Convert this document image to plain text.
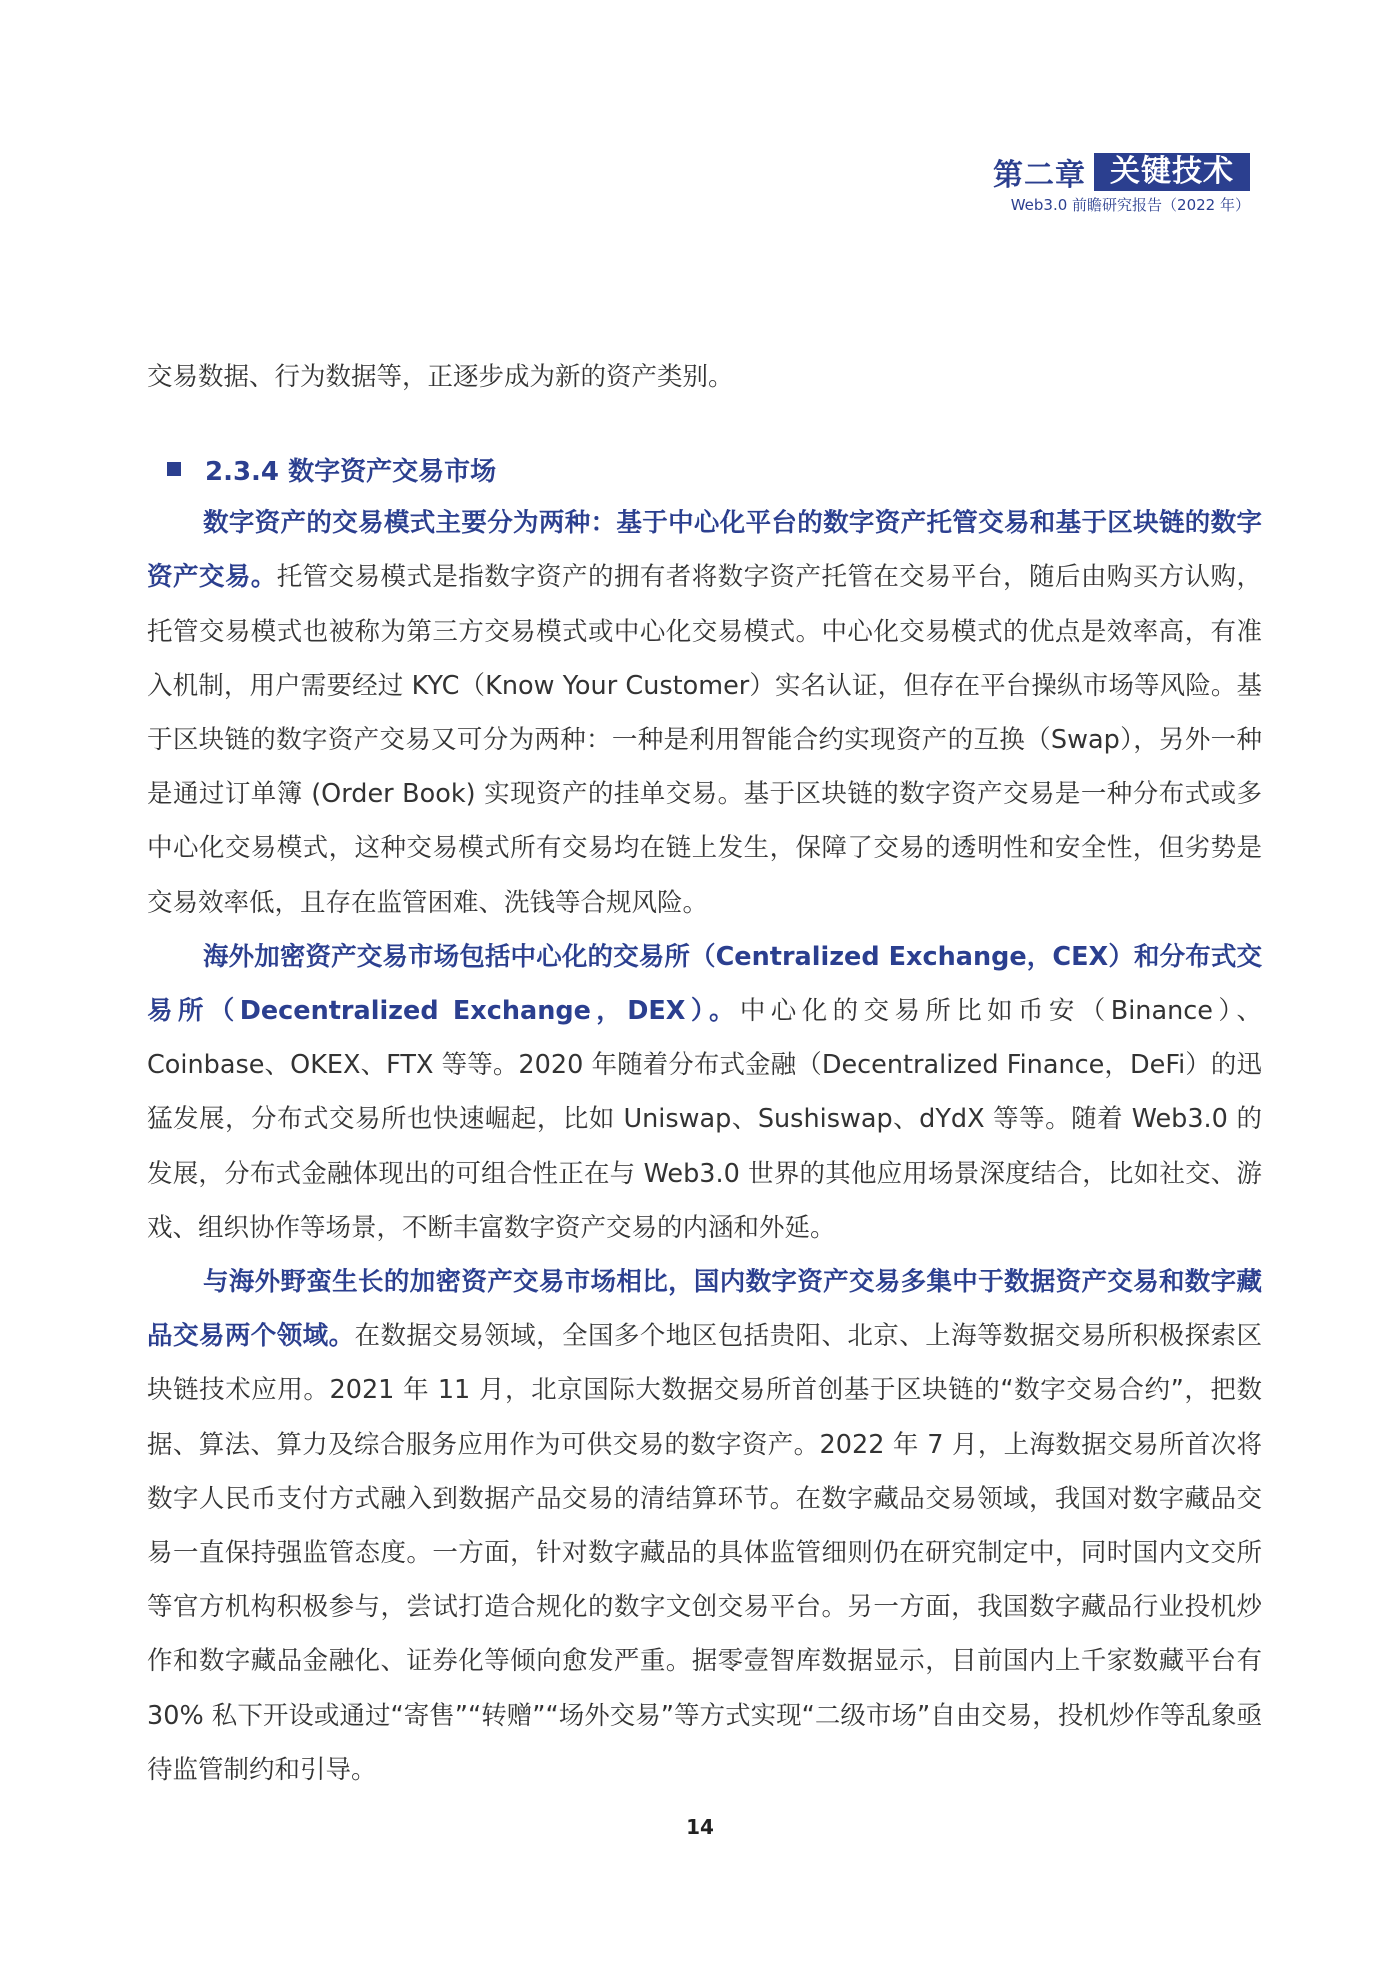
第二章 关键技术
Web3.0 前瞻研究报告（2022 年）

交易数据、行为数据等，正逐步成为新的资产类别。

2.3.4 数字资产交易市场

数字资产的交易模式主要分为两种：基于中心化平台的数字资产托管交易和基于区块链的数字资产交易。托管交易模式是指数字资产的拥有者将数字资产托管在交易平台，随后由购买方认购，托管交易模式也被称为第三方交易模式或中心化交易模式。中心化交易模式的优点是效率高，有准入机制，用户需要经过 KYC（Know Your Customer）实名认证，但存在平台操纵市场等风险。基于区块链的数字资产交易又可分为两种：一种是利用智能合约实现资产的互换（Swap），另外一种是通过订单簿 (Order Book) 实现资产的挂单交易。基于区块链的数字资产交易是一种分布式或多中心化交易模式，这种交易模式所有交易均在链上发生，保障了交易的透明性和安全性，但劣势是交易效率低，且存在监管困难、洗钱等合规风险。

海外加密资产交易市场包括中心化的交易所（Centralized Exchange，CEX）和分布式交易所（Decentralized Exchange，DEX）。中心化的交易所比如币安（Binance）、Coinbase、OKEX、FTX 等等。2020 年随着分布式金融（Decentralized Finance，DeFi）的迅猛发展，分布式交易所也快速崛起，比如 Uniswap、Sushiswap、dYdX 等等。随着 Web3.0 的发展，分布式金融体现出的可组合性正在与 Web3.0 世界的其他应用场景深度结合，比如社交、游戏、组织协作等场景，不断丰富数字资产交易的内涵和外延。

与海外野蛮生长的加密资产交易市场相比，国内数字资产交易多集中于数据资产交易和数字藏品交易两个领域。在数据交易领域，全国多个地区包括贵阳、北京、上海等数据交易所积极探索区块链技术应用。2021 年 11 月，北京国际大数据交易所首创基于区块链的“数字交易合约”，把数据、算法、算力及综合服务应用作为可供交易的数字资产。2022 年 7 月，上海数据交易所首次将数字人民币支付方式融入到数据产品交易的清结算环节。在数字藏品交易领域，我国对数字藏品交易一直保持强监管态度。一方面，针对数字藏品的具体监管细则仍在研究制定中，同时国内文交所等官方机构积极参与，尝试打造合规化的数字文创交易平台。另一方面，我国数字藏品行业投机炒作和数字藏品金融化、证券化等倾向愈发严重。据零壹智库数据显示，目前国内上千家数藏平台有 30% 私下开设或通过“寄售”“转赠”“场外交易”等方式实现“二级市场”自由交易，投机炒作等乱象亟待监管制约和引导。

14
